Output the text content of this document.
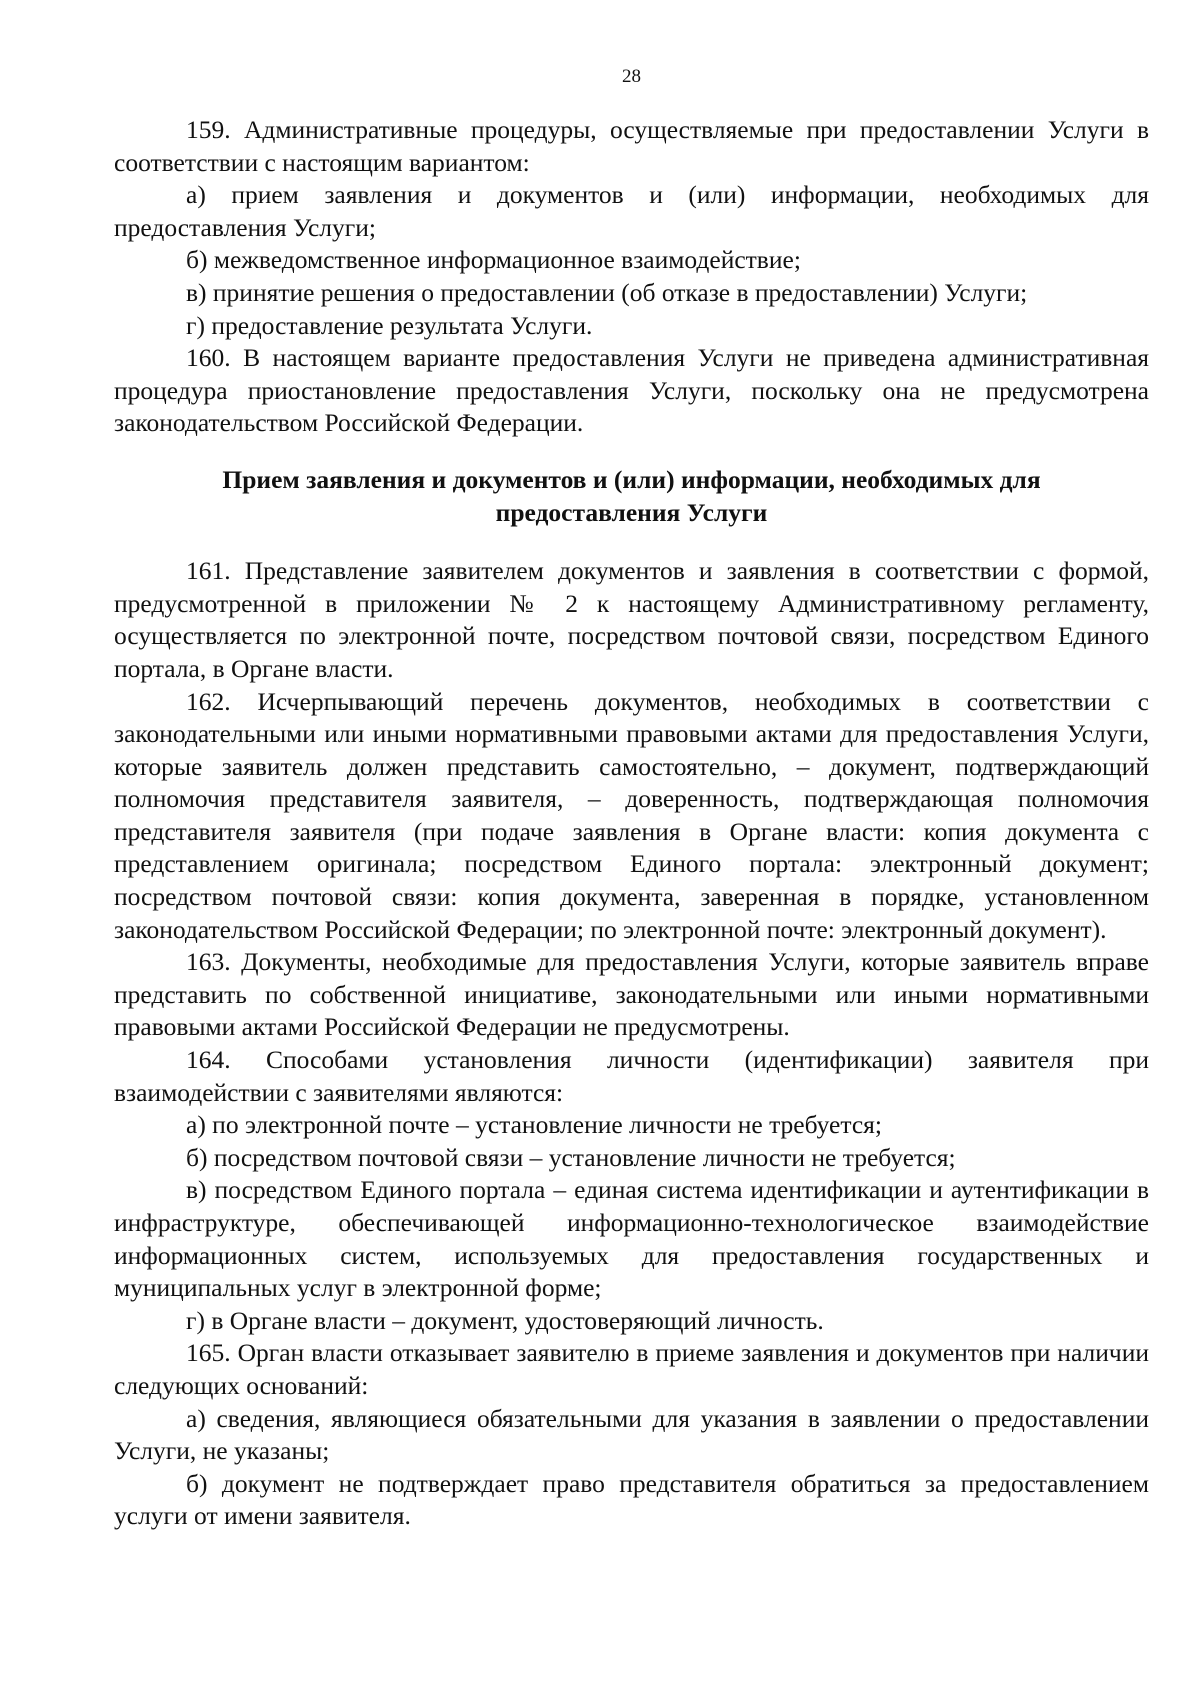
28

159. Административные процедуры, осуществляемые при предоставлении Услуги в соответствии с настоящим вариантом:

а) прием заявления и документов и (или) информации, необходимых для предоставления Услуги;

б) межведомственное информационное взаимодействие;

в) принятие решения о предоставлении (об отказе в предоставлении) Услуги;

г) предоставление результата Услуги.

160. В настоящем варианте предоставления Услуги не приведена административная процедура приостановление предоставления Услуги, поскольку она не предусмотрена законодательством Российской Федерации.

Прием заявления и документов и (или) информации, необходимых для предоставления Услуги

161. Представление заявителем документов и заявления в соответствии с формой, предусмотренной в приложении № 2 к настоящему Административному регламенту, осуществляется по электронной почте, посредством почтовой связи, посредством Единого портала, в Органе власти.

162. Исчерпывающий перечень документов, необходимых в соответствии с законодательными или иными нормативными правовыми актами для предоставления Услуги, которые заявитель должен представить самостоятельно, – документ, подтверждающий полномочия представителя заявителя, – доверенность, подтверждающая полномочия представителя заявителя (при подаче заявления в Органе власти: копия документа с представлением оригинала; посредством Единого портала: электронный документ; посредством почтовой связи: копия документа, заверенная в порядке, установленном законодательством Российской Федерации; по электронной почте: электронный документ).

163. Документы, необходимые для предоставления Услуги, которые заявитель вправе представить по собственной инициативе, законодательными или иными нормативными правовыми актами Российской Федерации не предусмотрены.

164. Способами установления личности (идентификации) заявителя при взаимодействии с заявителями являются:

а) по электронной почте – установление личности не требуется;

б) посредством почтовой связи – установление личности не требуется;

в) посредством Единого портала – единая система идентификации и аутентификации в инфраструктуре, обеспечивающей информационно-технологическое взаимодействие информационных систем, используемых для предоставления государственных и муниципальных услуг в электронной форме;

г) в Органе власти – документ, удостоверяющий личность.

165. Орган власти отказывает заявителю в приеме заявления и документов при наличии следующих оснований:

а) сведения, являющиеся обязательными для указания в заявлении о предоставлении Услуги, не указаны;

б) документ не подтверждает право представителя обратиться за предоставлением услуги от имени заявителя.
